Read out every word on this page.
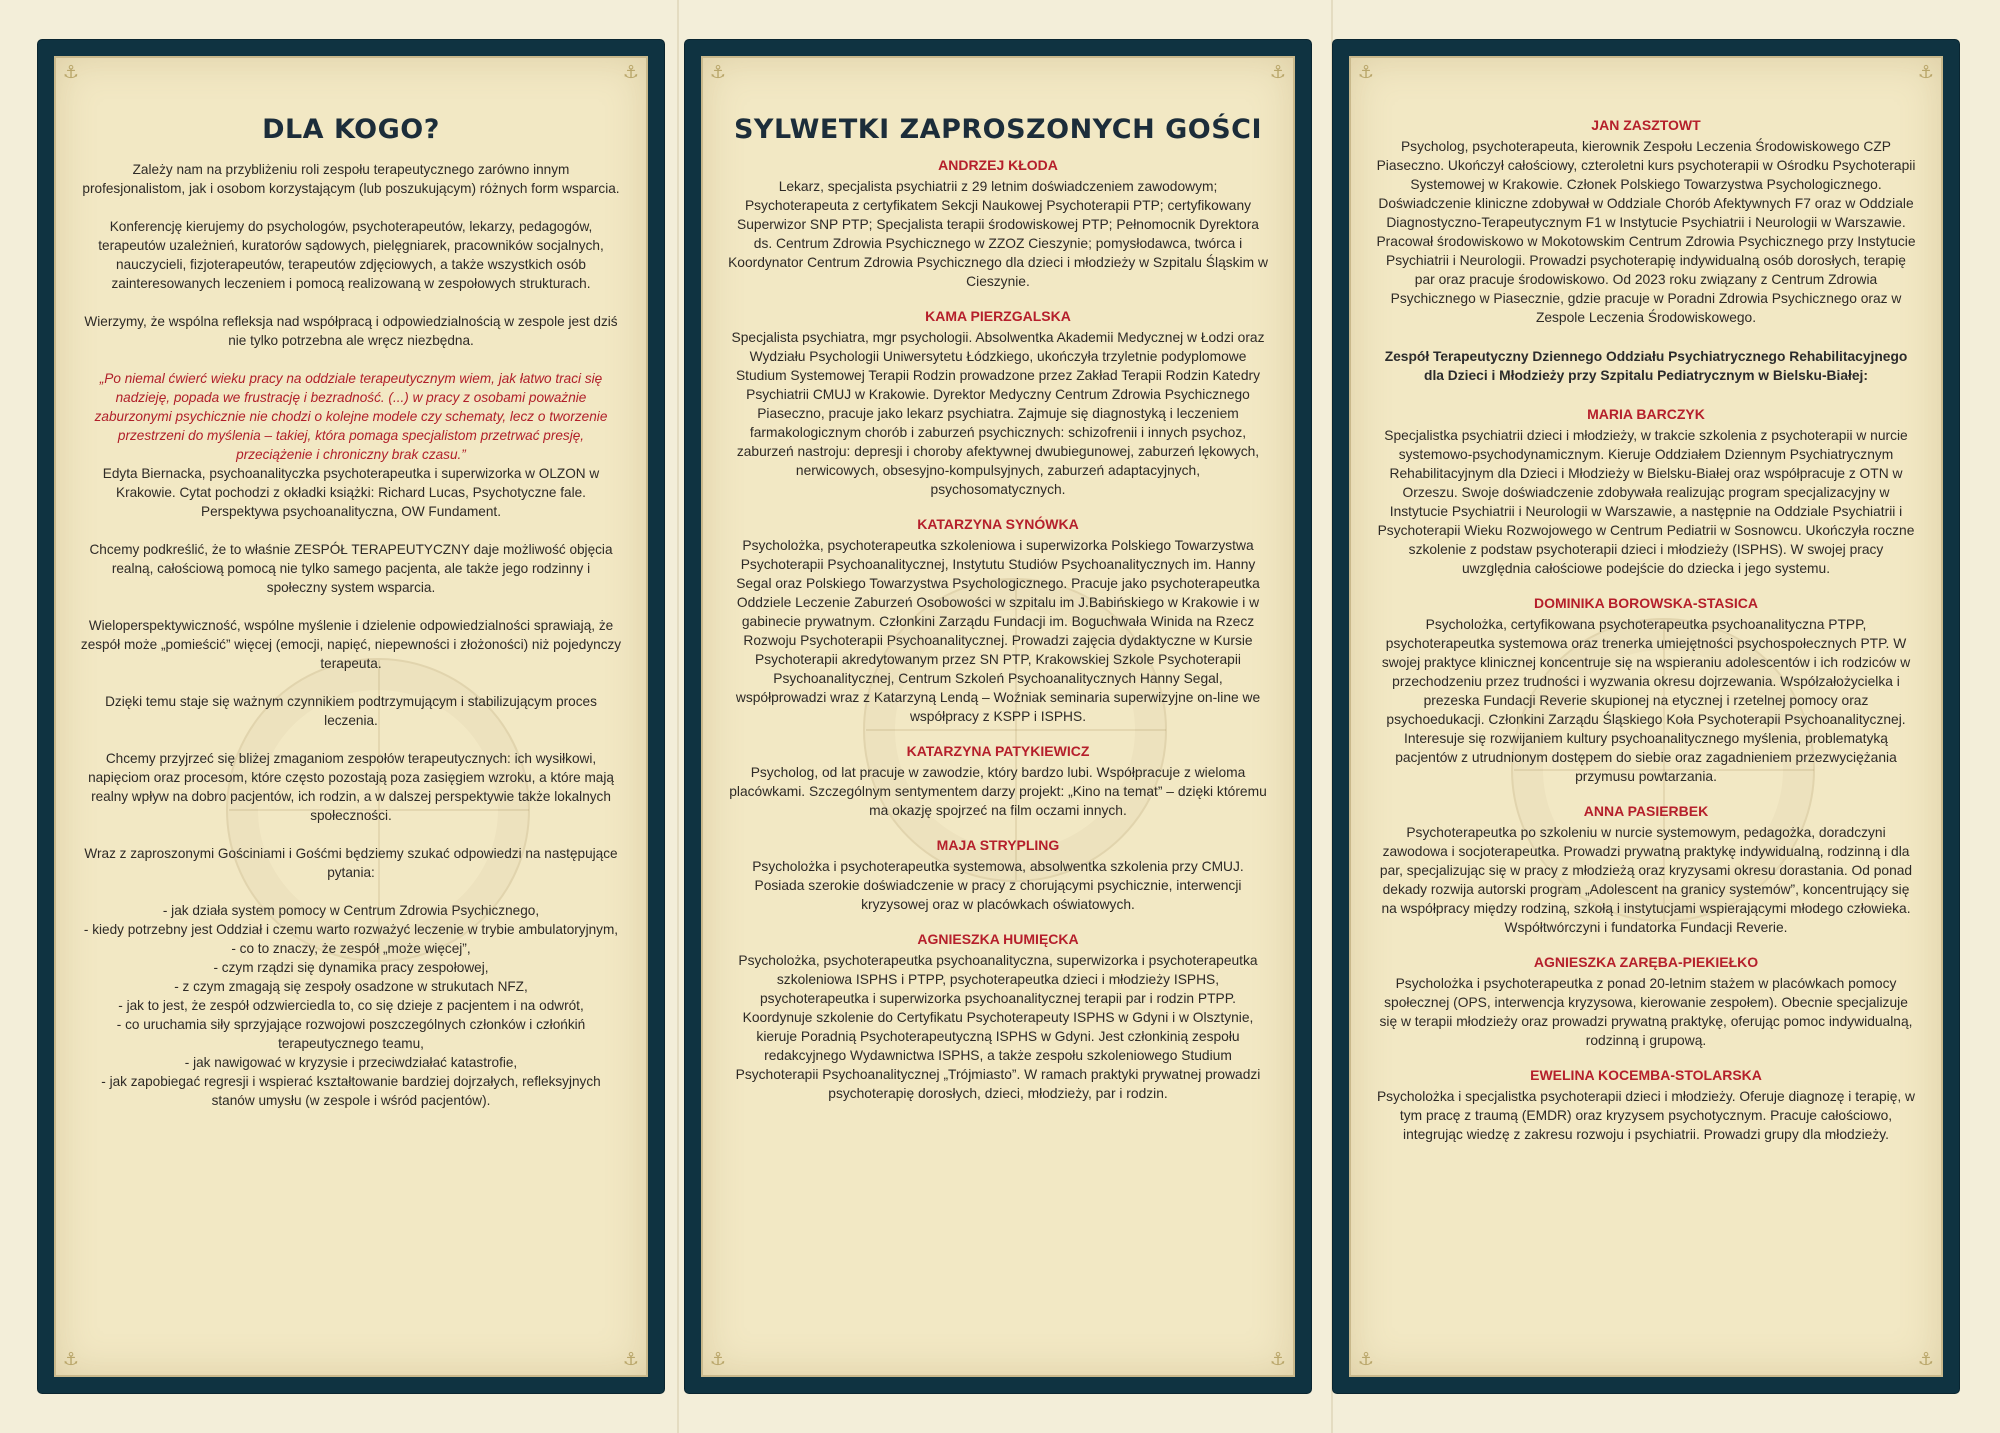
⚓	⚓
⚓	⚓
DLA KOGO?

Zależy nam na przybliżeniu roli zespołu terapeutycznego zarówno innym profesjonalistom, jak i osobom korzystającym (lub poszukującym) różnych form wsparcia.

Konferencję kierujemy do psychologów, psychoterapeutów, lekarzy, pedagogów, terapeutów uzależnień, kuratorów sądowych, pielęgniarek, pracowników socjalnych, nauczycieli, fizjoterapeutów, terapeutów zdjęciowych, a także wszystkich osób zainteresowanych leczeniem i pomocą realizowaną w zespołowych strukturach.

Wierzymy, że wspólna refleksja nad współpracą i odpowiedzialnością w zespole jest dziś nie tylko potrzebna ale wręcz niezbędna.

„Po niemal ćwierć wieku pracy na oddziale terapeutycznym wiem, jak łatwo traci się nadzieję, popada we frustrację i bezradność. (...) w pracy z osobami poważnie zaburzonymi psychicznie nie chodzi o kolejne modele czy schematy, lecz o tworzenie przestrzeni do myślenia – takiej, która pomaga specjalistom przetrwać presję, przeciążenie i chroniczny brak czasu.”

Edyta Biernacka, psychoanalityczka psychoterapeutka i superwizorka w OLZON w Krakowie. Cytat pochodzi z okładki książki: Richard Lucas, Psychotyczne fale. Perspektywa psychoanalityczna, OW Fundament.

Chcemy podkreślić, że to właśnie ZESPÓŁ TERAPEUTYCZNY daje możliwość objęcia realną, całościową pomocą nie tylko samego pacjenta, ale także jego rodzinny i społeczny system wsparcia.

Wieloperspektywiczność, wspólne myślenie i dzielenie odpowiedzialności sprawiają, że zespół może „pomieścić” więcej (emocji, napięć, niepewności i złożoności) niż pojedynczy terapeuta.

Dzięki temu staje się ważnym czynnikiem podtrzymującym i stabilizującym proces leczenia.

Chcemy przyjrzeć się bliżej zmaganiom zespołów terapeutycznych: ich wysiłkowi, napięciom oraz procesom, które często pozostają poza zasięgiem wzroku, a które mają realny wpływ na dobro pacjentów, ich rodzin, a w dalszej perspektywie także lokalnych społeczności.

Wraz z zaproszonymi Gościniami i Gośćmi będziemy szukać odpowiedzi na następujące pytania:

- jak działa system pomocy w Centrum Zdrowia Psychicznego,

- kiedy potrzebny jest Oddział i czemu warto rozważyć leczenie w trybie ambulatoryjnym,

- co to znaczy, że zespół „może więcej”,

- czym rządzi się dynamika pracy zespołowej,

- z czym zmagają się zespoły osadzone w strukutach NFZ,

- jak to jest, że zespół odzwierciedla to, co się dzieje z pacjentem i na odwrót,

- co uruchamia siły sprzyjające rozwojowi poszczególnych członków i człońkiń terapeutycznego teamu,

- jak nawigować w kryzysie i przeciwdziałać katastrofie,

- jak zapobiegać regresji i wspierać kształtowanie bardziej dojrzałych, refleksyjnych stanów umysłu (w zespole i wśród pacjentów).

⚓	⚓
⚓	⚓
SYLWETKI ZAPROSZONYCH GOŚCI
ANDRZEJ KŁODA

Lekarz, specjalista psychiatrii z 29 letnim doświadczeniem zawodowym; Psychoterapeuta z certyfikatem Sekcji Naukowej Psychoterapii PTP; certyfikowany Superwizor SNP PTP; Specjalista terapii środowiskowej PTP; Pełnomocnik Dyrektora ds. Centrum Zdrowia Psychicznego w ZZOZ Cieszynie; pomysłodawca, twórca i Koordynator Centrum Zdrowia Psychicznego dla dzieci i młodzieży w Szpitalu Śląskim w Cieszynie.

KAMA PIERZGALSKA

Specjalista psychiatra, mgr psychologii. Absolwentka Akademii Medycznej w Łodzi oraz Wydziału Psychologii Uniwersytetu Łódzkiego, ukończyła trzyletnie podyplomowe Studium Systemowej Terapii Rodzin prowadzone przez Zakład Terapii Rodzin Katedry Psychiatrii CMUJ w Krakowie. Dyrektor Medyczny Centrum Zdrowia Psychicznego Piaseczno, pracuje jako lekarz psychiatra. Zajmuje się diagnostyką i leczeniem farmakologicznym chorób i zaburzeń psychicznych: schizofrenii i innych psychoz, zaburzeń nastroju: depresji i choroby afektywnej dwubiegunowej, zaburzeń lękowych, nerwicowych, obsesyjno-kompulsyjnych, zaburzeń adaptacyjnych, psychosomatycznych.

KATARZYNA SYNÓWKA

Psycholożka, psychoterapeutka szkoleniowa i superwizorka Polskiego Towarzystwa Psychoterapii Psychoanalitycznej, Instytutu Studiów Psychoanalitycznych im. Hanny Segal oraz Polskiego Towarzystwa Psychologicznego. Pracuje jako psychoterapeutka Oddziele Leczenie Zaburzeń Osobowości w szpitalu im J.Babińskiego w Krakowie i w gabinecie prywatnym. Członkini Zarządu Fundacji im. Boguchwała Winida na Rzecz Rozwoju Psychoterapii Psychoanalitycznej. Prowadzi zajęcia dydaktyczne w Kursie Psychoterapii akredytowanym przez SN PTP, Krakowskiej Szkole Psychoterapii Psychoanalitycznej, Centrum Szkoleń Psychoanalitycznych Hanny Segal, współprowadzi wraz z Katarzyną Lendą – Woźniak seminaria superwizyjne on-line we współpracy z KSPP i ISPHS.

KATARZYNA PATYKIEWICZ

Psycholog, od lat pracuje w zawodzie, który bardzo lubi. Współpracuje z wieloma placówkami. Szczególnym sentymentem darzy projekt: „Kino na temat” – dzięki któremu ma okazję spojrzeć na film oczami innych.

MAJA STRYPLING

Psycholożka i psychoterapeutka systemowa, absolwentka szkolenia przy CMUJ. Posiada szerokie doświadczenie w pracy z chorującymi psychicznie, interwencji kryzysowej oraz w placówkach oświatowych.

AGNIESZKA HUMIĘCKA

Psycholożka, psychoterapeutka psychoanalityczna, superwizorka i psychoterapeutka szkoleniowa ISPHS i PTPP, psychoterapeutka dzieci i młodzieży ISPHS, psychoterapeutka i superwizorka psychoanalitycznej terapii par i rodzin PTPP. Koordynuje szkolenie do Certyfikatu Psychoterapeuty ISPHS w Gdyni i w Olsztynie, kieruje Poradnią Psychoterapeutyczną ISPHS w Gdyni. Jest członkinią zespołu redakcyjnego Wydawnictwa ISPHS, a także zespołu szkoleniowego Studium Psychoterapii Psychoanalitycznej „Trójmiasto”. W ramach praktyki prywatnej prowadzi psychoterapię dorosłych, dzieci, młodzieży, par i rodzin.

⚓	⚓
⚓	⚓
JAN ZASZTOWT

Psycholog, psychoterapeuta, kierownik Zespołu Leczenia Środowiskowego CZP Piaseczno. Ukończył całościowy, czteroletni kurs psychoterapii w Ośrodku Psychoterapii Systemowej w Krakowie. Członek Polskiego Towarzystwa Psychologicznego. Doświadczenie kliniczne zdobywał w Oddziale Chorób Afektywnych F7 oraz w Oddziale Diagnostyczno-Terapeutycznym F1 w Instytucie Psychiatrii i Neurologii w Warszawie. Pracował środowiskowo w Mokotowskim Centrum Zdrowia Psychicznego przy Instytucie Psychiatrii i Neurologii. Prowadzi psychoterapię indywidualną osób dorosłych, terapię par oraz pracuje środowiskowo. Od 2023 roku związany z Centrum Zdrowia Psychicznego w Piasecznie, gdzie pracuje w Poradni Zdrowia Psychicznego oraz w Zespole Leczenia Środowiskowego.

Zespół Terapeutyczny Dziennego Oddziału Psychiatrycznego Rehabilitacyjnego dla Dzieci i Młodzieży przy Szpitalu Pediatrycznym w Bielsku-Białej:

MARIA BARCZYK

Specjalistka psychiatrii dzieci i młodzieży, w trakcie szkolenia z psychoterapii w nurcie systemowo-psychodynamicznym. Kieruje Oddziałem Dziennym Psychiatrycznym Rehabilitacyjnym dla Dzieci i Młodzieży w Bielsku-Białej oraz współpracuje z OTN w Orzeszu. Swoje doświadczenie zdobywała realizując program specjalizacyjny w Instytucie Psychiatrii i Neurologii w Warszawie, a następnie na Oddziale Psychiatrii i Psychoterapii Wieku Rozwojowego w Centrum Pediatrii w Sosnowcu. Ukończyła roczne szkolenie z podstaw psychoterapii dzieci i młodzieży (ISPHS). W swojej pracy uwzględnia całościowe podejście do dziecka i jego systemu.

DOMINIKA BOROWSKA-STASICA

Psycholożka, certyfikowana psychoterapeutka psychoanalityczna PTPP, psychoterapeutka systemowa oraz trenerka umiejętności psychospołecznych PTP. W swojej praktyce klinicznej koncentruje się na wspieraniu adolescentów i ich rodziców w przechodzeniu przez trudności i wyzwania okresu dojrzewania. Współzałożycielka i prezeska Fundacji Reverie skupionej na etycznej i rzetelnej pomocy oraz psychoedukacji. Członkini Zarządu Śląskiego Koła Psychoterapii Psychoanalitycznej. Interesuje się rozwijaniem kultury psychoanalitycznego myślenia, problematyką pacjentów z utrudnionym dostępem do siebie oraz zagadnieniem przezwyciężania przymusu powtarzania.

ANNA PASIERBEK

Psychoterapeutka po szkoleniu w nurcie systemowym, pedagożka, doradczyni zawodowa i socjoterapeutka. Prowadzi prywatną praktykę indywidualną, rodzinną i dla par, specjalizując się w pracy z młodzieżą oraz kryzysami okresu dorastania. Od ponad dekady rozwija autorski program „Adolescent na granicy systemów”, koncentrujący się na współpracy między rodziną, szkołą i instytucjami wspierającymi młodego człowieka. Współtwórczyni i fundatorka Fundacji Reverie.

AGNIESZKA ZARĘBA-PIEKIEŁKO

Psycholożka i psychoterapeutka z ponad 20-letnim stażem w placówkach pomocy społecznej (OPS, interwencja kryzysowa, kierowanie zespołem). Obecnie specjalizuje się w terapii młodzieży oraz prowadzi prywatną praktykę, oferując pomoc indywidualną, rodzinną i grupową.

EWELINA KOCEMBA-STOLARSKA

Psycholożka i specjalistka psychoterapii dzieci i młodzieży. Oferuje diagnozę i terapię, w tym pracę z traumą (EMDR) oraz kryzysem psychotycznym. Pracuje całościowo, integrując wiedzę z zakresu rozwoju i psychiatrii. Prowadzi grupy dla młodzieży.
